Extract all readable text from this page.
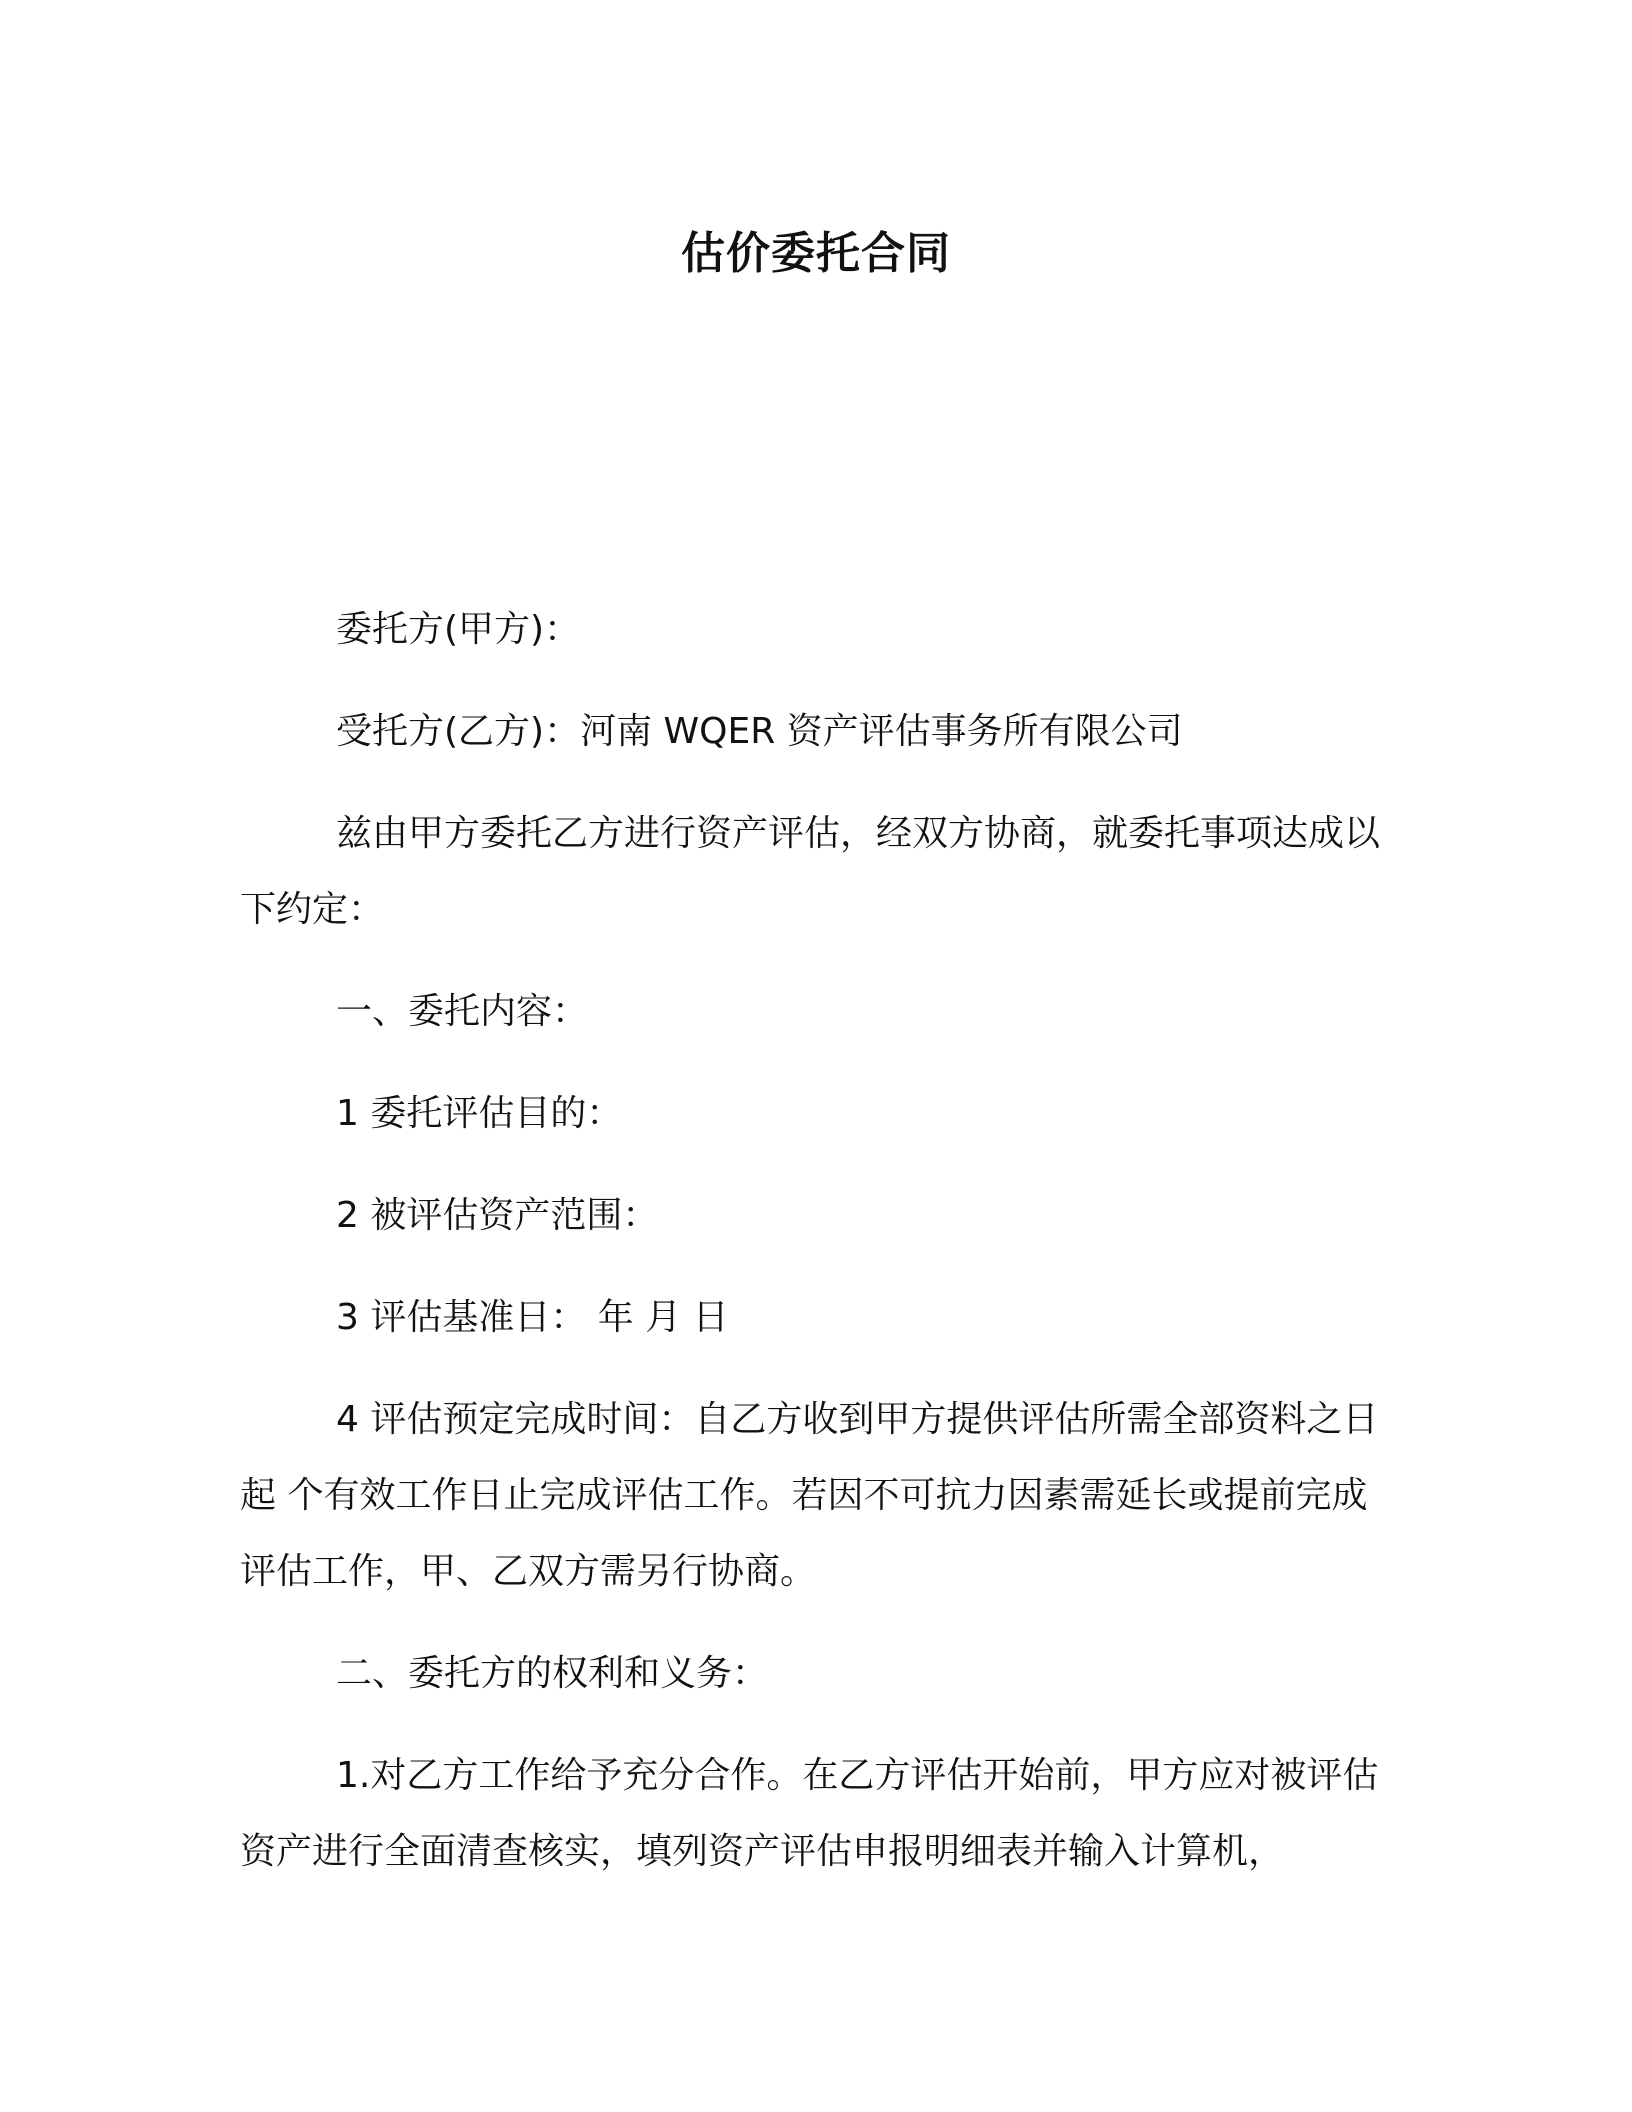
估价委托合同

委托方(甲方)：

受托方(乙方)：河南 WQER 资产评估事务所有限公司

兹由甲方委托乙方进行资产评估，经双方协商，就委托事项达成以下约定：

一、委托内容：

1 委托评估目的：

2 被评估资产范围：

3 评估基准日： 年 月 日

4 评估预定完成时间：自乙方收到甲方提供评估所需全部资料之日起 个有效工作日止完成评估工作。若因不可抗力因素需延长或提前完成评估工作，甲、乙双方需另行协商。

二、委托方的权利和义务：

1.对乙方工作给予充分合作。在乙方评估开始前，甲方应对被评估资产进行全面清查核实，填列资产评估申报明细表并输入计算机，
